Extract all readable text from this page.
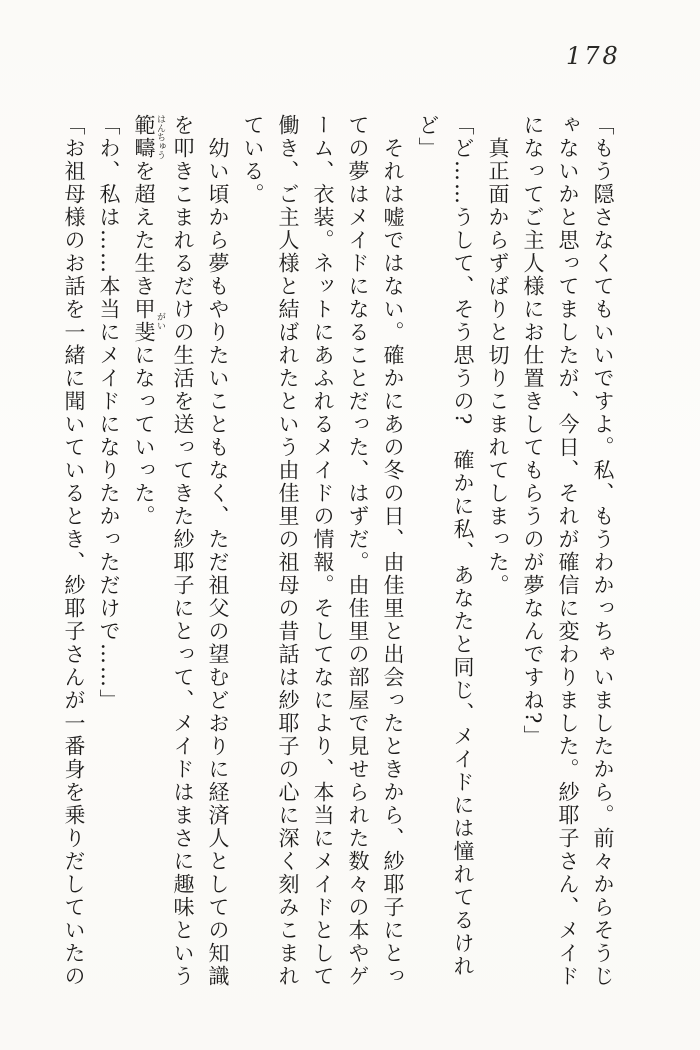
178
「もう隠さなくてもいいですよ。私、もうわかっちゃいましたから。前々からそうじ
ゃないかと思ってましたが、今日、それが確信に変わりました。紗耶子さん、メイド
になってご主人様にお仕置きしてもらうのが夢なんですね?」
　真正面からずばりと切りこまれてしまった。
「ど……うして、そう思うの?　確かに私、あなたと同じ、メイドには憧れてるけれ
ど」
　それは嘘ではない。確かにあの冬の日、由佳里と出会ったときから、紗耶子にとっ
ての夢はメイドになることだった、はずだ。由佳里の部屋で見せられた数々の本やゲ
ーム、衣装。ネットにあふれるメイドの情報。そしてなにより、本当にメイドとして
働き、ご主人様と結ばれたという由佳里の祖母の昔話は紗耶子の心に深く刻みこまれ
ている。
　幼い頃から夢もやりたいこともなく、ただ祖父の望むどおりに経済人としての知識
を叩きこまれるだけの生活を送ってきた紗耶子にとって、メイドはまさに趣味という
範疇 はんちゅうを超えた生き甲斐 がいになっていった。
「わ、私は……本当にメイドになりたかっただけで……」
「お祖母様のお話を一緒に聞いているとき、紗耶子さんが一番身を乗りだしていたの
